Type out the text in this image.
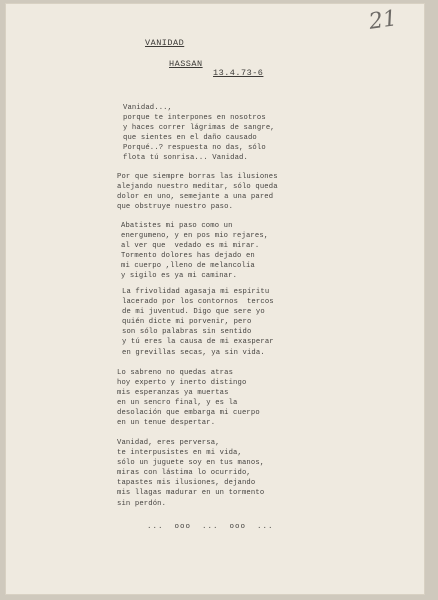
21
VANIDAD
HASSAN
13.4.73-6
Vanidad...,
porque te interpones en nosotros
y haces correr lágrimas de sangre,
que sientes en el daño causado
Porqué..? respuesta no das, sólo
flota tú sonrisa... Vanidad.
Por que siempre borras las ilusiones
alejando nuestro meditar, sólo queda
dolor en uno, semejante a una pared
que obstruye nuestro paso.
Abatistes mi paso como un
energumeno, y en pos mio rejares,
al ver que  vedado es mi mirar.
Tormento dolores has dejado en
mi cuerpo ,lleno de melancolía
y sigilo es ya mi caminar.
La frivolidad agasaja mi espíritu
lacerado por los contornos  tercos
de mi juventud. Digo que sere yo
quién dicte mi porvenir, pero
son sólo palabras sin sentido
y tú eres la causa de mi exasperar
en grevillas secas, ya sin vida.
Lo sabreno no quedas atras
hoy experto y inerto distingo
mis esperanzas ya muertas
en un sencro final, y es la
desolación que embarga mi cuerpo
en un tenue despertar.
Vanidad, eres perversa,
te interpusistes en mi vida,
sólo un juguete soy en tus manos,
miras con lástima lo ocurrido,
tapastes mis ilusiones, dejando
mis llagas madurar en un tormento
sin perdón.
...  ooo  ...  ooo  ...
